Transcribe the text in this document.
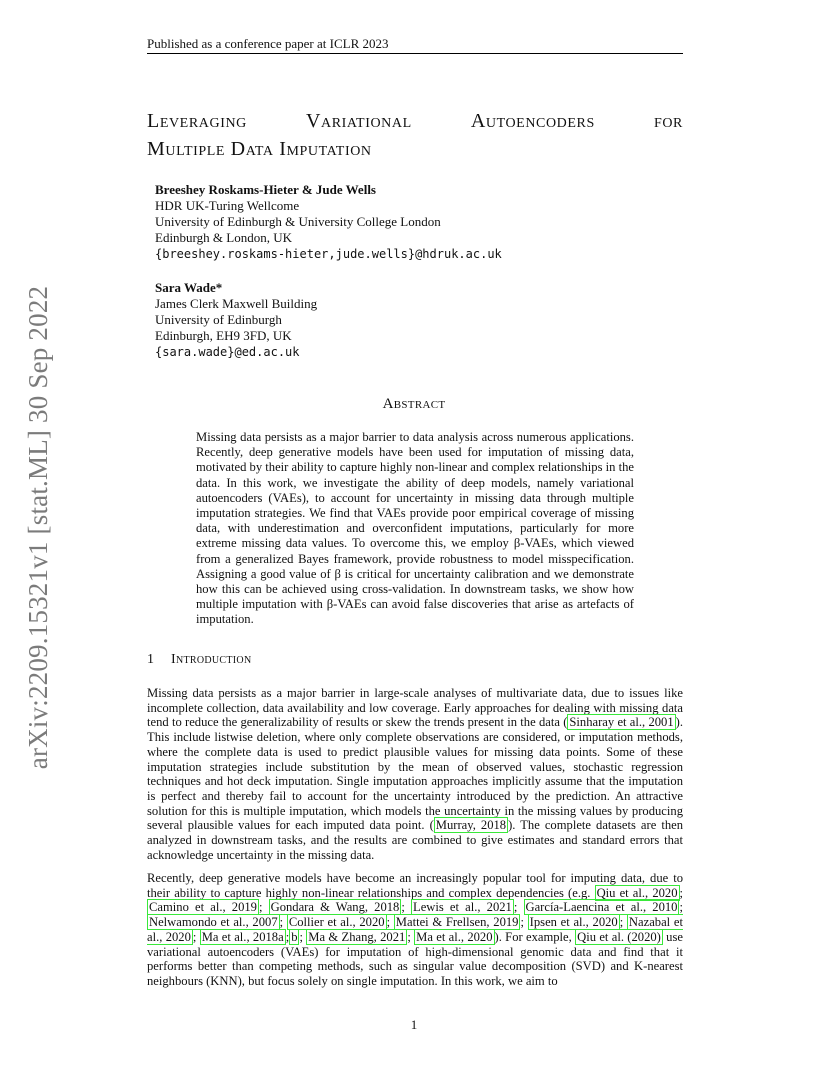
Published as a conference paper at ICLR 2023
arXiv:2209.15321v1 [stat.ML] 30 Sep 2022
Leveraging	Variational	Autoencoders	for
Multiple Data Imputation
Breeshey Roskams-Hieter & Jude Wells
HDR UK-Turing Wellcome
University of Edinburgh & University College London
Edinburgh & London, UK
{breeshey.roskams-hieter,jude.wells}@hdruk.ac.uk
Sara Wade*
James Clerk Maxwell Building
University of Edinburgh
Edinburgh, EH9 3FD, UK
{sara.wade}@ed.ac.uk
Abstract
Missing data persists as a major barrier to data analysis across numerous applications. Recently, deep generative models have been used for imputation of missing data, motivated by their ability to capture highly non-linear and complex relationships in the data. In this work, we investigate the ability of deep models, namely variational autoencoders (VAEs), to account for uncertainty in missing data through multiple imputation strategies. We find that VAEs provide poor empirical coverage of missing data, with underestimation and overconfident imputations, particularly for more extreme missing data values. To overcome this, we employ β-VAEs, which viewed from a generalized Bayes framework, provide robustness to model misspecification. Assigning a good value of β is critical for uncertainty calibration and we demonstrate how this can be achieved using cross-validation. In downstream tasks, we show how multiple imputation with β-VAEs can avoid false discoveries that arise as artefacts of imputation.
1 Introduction
Missing data persists as a major barrier in large-scale analyses of multivariate data, due to issues like incomplete collection, data availability and low coverage. Early approaches for dealing with missing data tend to reduce the generalizability of results or skew the trends present in the data ( Sinharay et al., 2001 ). This include listwise deletion, where only complete observations are considered, or imputation methods, where the complete data is used to predict plausible values for missing data points. Some of these imputation strategies include substitution by the mean of observed values, stochastic regression techniques and hot deck imputation. Single imputation approaches implicitly assume that the imputation is perfect and thereby fail to account for the uncertainty introduced by the prediction. An attractive solution for this is multiple imputation, which models the uncertainty in the missing values by producing several plausible values for each imputed data point. ( Murray, 2018 ). The complete datasets are then analyzed in downstream tasks, and the results are combined to give estimates and standard errors that acknowledge uncertainty in the missing data.
Recently, deep generative models have become an increasingly popular tool for imputing data, due to their ability to capture highly non-linear relationships and complex dependencies (e.g. Qiu et al., 2020 ; Camino et al., 2019 ; Gondara & Wang, 2018 ; Lewis et al., 2021 ; García-Laencina et al., 2010 ; Nelwamondo et al., 2007 ; Collier et al., 2020 ; Mattei & Frellsen, 2019 ; Ipsen et al., 2020 ; Nazabal et al., 2020 ; Ma et al., 2018a ; b ; Ma & Zhang, 2021 ; Ma et al., 2020 ). For example, Qiu et al. (2020) use variational autoencoders (VAEs) for imputation of high-dimensional genomic data and find that it performs better than competing methods, such as singular value decomposition (SVD) and K-nearest neighbours (KNN), but focus solely on single imputation. In this work, we aim to
1
